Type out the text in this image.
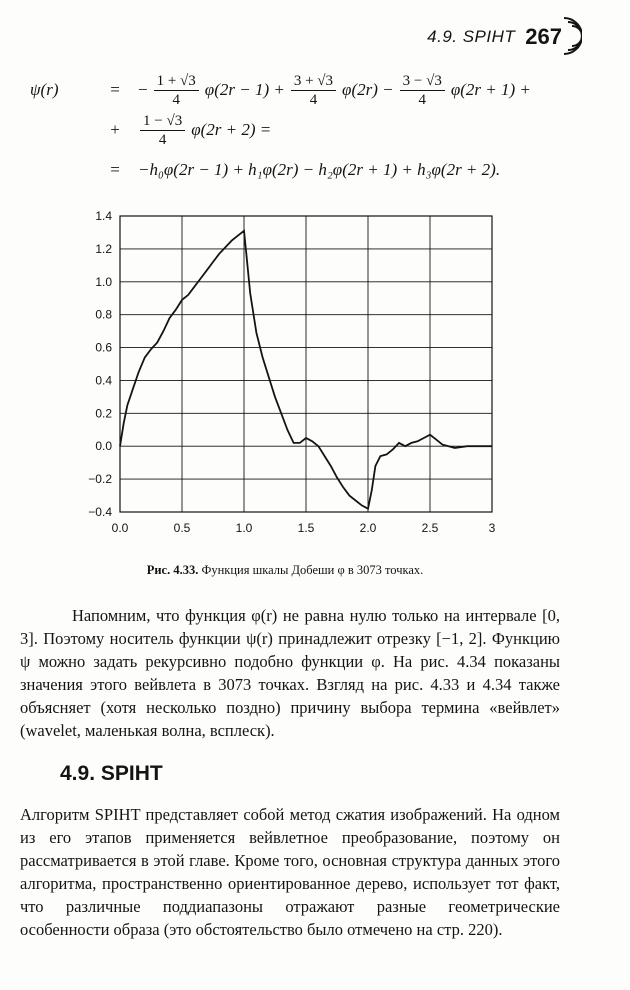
4.9. SPIHT 267
ψ(r)	=	− $\frac{1 + √3}{4} \varphi(2r - 1) + \frac{3 + √3}{4} \varphi(2r) - \frac{3 - √3}{4} \varphi(2r + 1)$ +
+	$\frac{1 - √3}{4} \varphi(2r + 2)$ =
=	−h₀φ(2r − 1) + h₁φ(2r) − h₂φ(2r + 1) + h₃φ(2r + 2).
1.4
1.2
1.0
0.8
0.6
0.4
0.2
0.0
−0.2
−0.4
0.0	0.5	1.0	1.5	2.0	2.5	3
Рис. 4.33. Функция шкалы Добеши φ в 3073 точках.
Напомним, что функция φ(r) не равна нулю только на интервале [0, 3]. Поэтому носитель функции ψ(r) принадлежит отрезку [−1, 2]. Функцию ψ можно задать рекурсивно подобно функции φ. На рис. 4.34 показаны значения этого вейвлета в 3073 точках. Взгляд на рис. 4.33 и 4.34 также объясняет (хотя несколько поздно) причину выбора термина «вейвлет» (wavelet, маленькая волна, всплеск).
4.9. SPIHT
Алгоритм SPIHT представляет собой метод сжатия изображений. На одном из его этапов применяется вейвлетное преобразование, поэтому он рассматривается в этой главе. Кроме того, основная структура данных этого алгоритма, пространственно ориентированное дерево, использует тот факт, что различные поддиапазоны отражают разные геометрические особенности образа (это обстоятельство было отмечено на стр. 220).
